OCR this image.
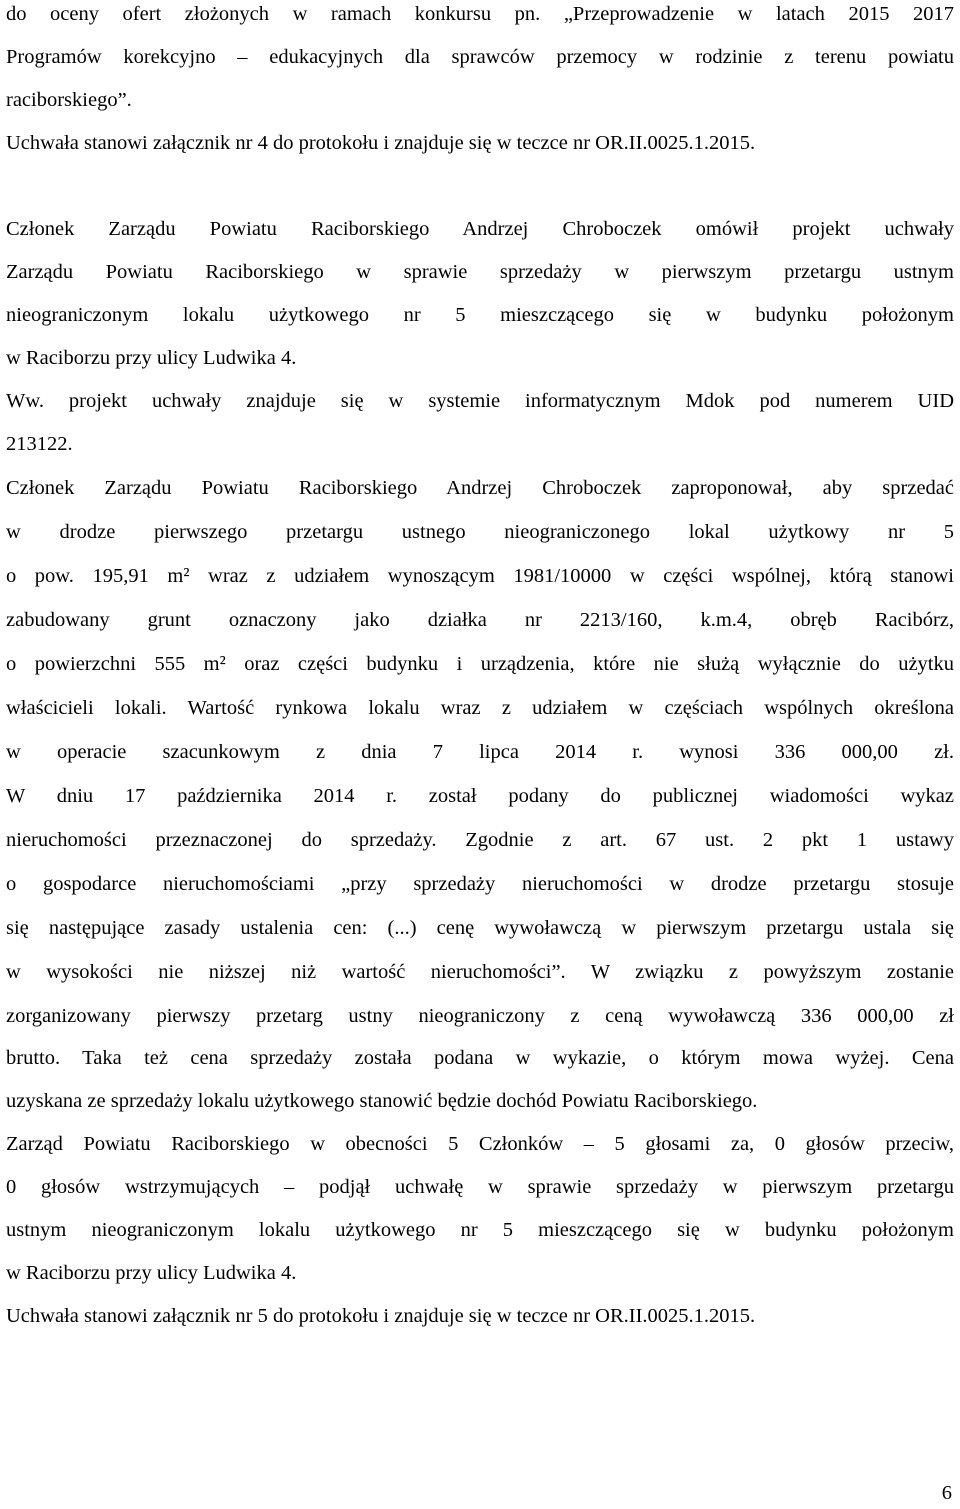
do oceny ofert złożonych w ramach konkursu pn. „Przeprowadzenie w latach 2015 2017
Programów korekcyjno – edukacyjnych dla sprawców przemocy w rodzinie z terenu powiatu
raciborskiego”.
Uchwała stanowi załącznik nr 4 do protokołu i znajduje się w teczce nr OR.II.0025.1.2015.
Członek Zarządu Powiatu Raciborskiego Andrzej Chroboczek omówił projekt uchwały
Zarządu Powiatu Raciborskiego w sprawie sprzedaży w pierwszym przetargu ustnym
nieograniczonym lokalu użytkowego nr 5 mieszczącego się w budynku położonym
w Raciborzu przy ulicy Ludwika 4.
Ww. projekt uchwały znajduje się w systemie informatycznym Mdok pod numerem UID
213122.
Członek Zarządu Powiatu Raciborskiego Andrzej Chroboczek zaproponował, aby sprzedać
w drodze pierwszego przetargu ustnego nieograniczonego lokal użytkowy nr 5
o pow. 195,91 m² wraz z udziałem wynoszącym 1981/10000 w części wspólnej, którą stanowi
zabudowany grunt oznaczony jako działka nr 2213/160, k.m.4, obręb Racibórz,
o powierzchni 555 m² oraz części budynku i urządzenia, które nie służą wyłącznie do użytku
właścicieli lokali. Wartość rynkowa lokalu wraz z udziałem w częściach wspólnych określona
w operacie szacunkowym z dnia 7 lipca 2014 r. wynosi 336 000,00 zł.
W dniu 17 października 2014 r. został podany do publicznej wiadomości wykaz
nieruchomości przeznaczonej do sprzedaży. Zgodnie z art. 67 ust. 2 pkt 1 ustawy
o gospodarce nieruchomościami „przy sprzedaży nieruchomości w drodze przetargu stosuje
się następujące zasady ustalenia cen: (...) cenę wywoławczą w pierwszym przetargu ustala się
w wysokości nie niższej niż wartość nieruchomości”. W związku z powyższym zostanie
zorganizowany pierwszy przetarg ustny nieograniczony z ceną wywoławczą 336 000,00 zł
brutto. Taka też cena sprzedaży została podana w wykazie, o którym mowa wyżej. Cena
uzyskana ze sprzedaży lokalu użytkowego stanowić będzie dochód Powiatu Raciborskiego.
Zarząd Powiatu Raciborskiego w obecności 5 Członków – 5 głosami za, 0 głosów przeciw,
0 głosów wstrzymujących – podjął uchwałę w sprawie sprzedaży w pierwszym przetargu
ustnym nieograniczonym lokalu użytkowego nr 5 mieszczącego się w budynku położonym
w Raciborzu przy ulicy Ludwika 4.
Uchwała stanowi załącznik nr 5 do protokołu i znajduje się w teczce nr OR.II.0025.1.2015.
6
